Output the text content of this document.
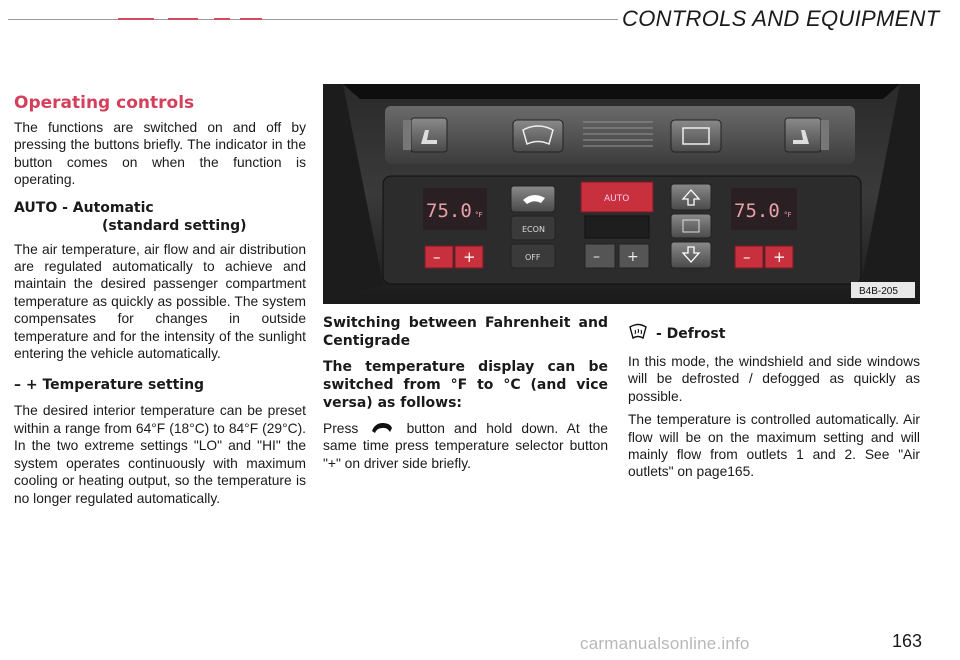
CONTROLS AND EQUIPMENT
Operating controls

The functions are switched on and off by pressing the buttons briefly. The indicator in the button comes on when the function is operating.

AUTO - Automatic
(standard setting)

The air temperature, air flow and air distribution are regulated automatically to achieve and maintain the desired passenger compartment temperature as quickly as possible. The system compensates for changes in outside temperature and for the intensity of the sunlight entering the vehicle automatically.

– + Temperature setting

The desired interior temperature can be preset within a range from 64°F (18°C) to 84°F (29°C). In the two extreme settings "LO" and "HI" the system operates continuously with maximum cooling or heating output, so the temperature is no longer regulated automatically.

75.0 °F
– +
ECON
OFF
AUTO
– +
75.0 °F
– +
B4B-205
Switching between Fahrenheit and Centigrade
The temperature display can be switched from °F to °C (and vice versa) as follows:
Press	button and hold down. At the same time press temperature selector button "+" on driver side briefly.
- Defrost

In this mode, the windshield and side windows will be defrosted / defogged as quickly as possible.

The temperature is controlled automatically. Air flow will be on the maximum setting and will mainly flow from outlets 1 and 2. See "Air outlets" on page165.

carmanualsonline.info	163
